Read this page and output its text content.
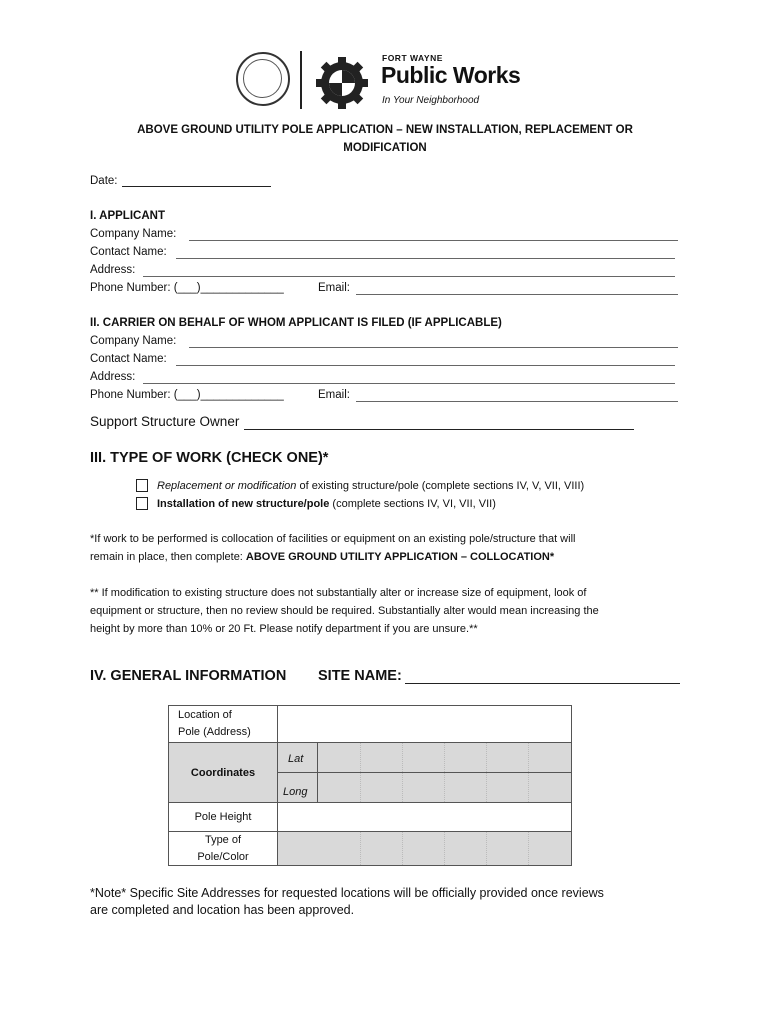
FORT WAYNE
Public Works
In Your Neighborhood
ABOVE GROUND UTILITY POLE APPLICATION – NEW INSTALLATION, REPLACEMENT OR
MODIFICATION
Date:
I. APPLICANT
Company Name:
Contact Name:
Address:
Phone Number: (___)_____________	Email:
II. CARRIER ON BEHALF OF WHOM APPLICANT IS FILED (IF APPLICABLE)
Company Name:
Contact Name:
Address:
Phone Number: (___)_____________	Email:
Support Structure Owner
III. TYPE OF WORK (CHECK ONE)*
Replacement or modification of existing structure/pole (complete sections IV, V, VII, VIII)
Installation of new structure/pole (complete sections IV, VI, VII, VII)
*If work to be performed is collocation of facilities or equipment on an existing pole/structure that will
remain in place, then complete: ABOVE GROUND UTILITY APPLICATION – COLLOCATION*
** If modification to existing structure does not substantially alter or increase size of equipment, look of
equipment or structure, then no review should be required. Substantially alter would mean increasing the
height by more than 10% or 20 Ft. Please notify department if you are unsure.**
IV. GENERAL INFORMATION SITE NAME:
Location of
Pole (Address)
Coordinates
Lat
Long
Pole Height
Type of
Pole/Color
*Note* Specific Site Addresses for requested locations will be officially provided once reviews
are completed and location has been approved.
